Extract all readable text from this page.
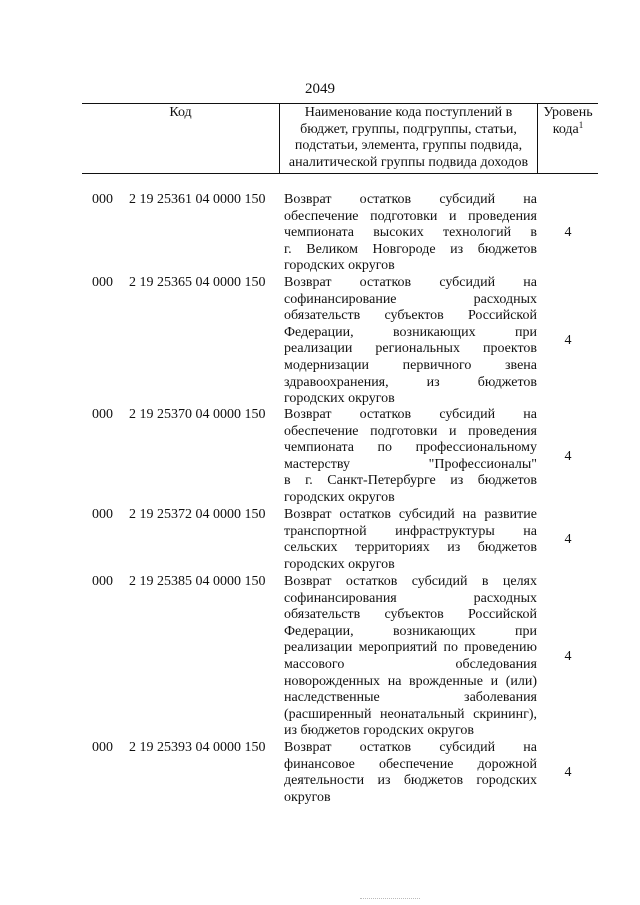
2049
Код	Наименование кода поступлений в
бюджет, группы, подгруппы, статьи,
подстатьи, элемента, группы подвида,
аналитической группы подвида доходов
Уровень
кода$^1$
000 2 19 25361 04 0000 150 Возврат остатков субсидий на
обеспечение подготовки и проведения
чемпионата высоких технологий в
г. Великом Новгороде из бюджетов
городских округов
4
000 2 19 25365 04 0000 150 Возврат остатков субсидий на
софинансирование расходных
обязательств субъектов Российской
Федерации, возникающих при
реализации региональных проектов
модернизации первичного звена
здравоохранения, из бюджетов
городских округов
4
000 2 19 25370 04 0000 150 Возврат остатков субсидий на
обеспечение подготовки и проведения
чемпионата по профессиональному
мастерству "Профессионалы"
в г. Санкт-Петербурге из бюджетов
городских округов
4
000 2 19 25372 04 0000 150 Возврат остатков субсидий на развитие
транспортной инфраструктуры на
сельских территориях из бюджетов
городских округов
4
000 2 19 25385 04 0000 150 Возврат остатков субсидий в целях
софинансирования расходных
обязательств субъектов Российской
Федерации, возникающих при
реализации мероприятий по проведению
массового обследования
новорожденных на врожденные и (или)
наследственные заболевания
(расширенный неонатальный скрининг),
из бюджетов городских округов
4
000 2 19 25393 04 0000 150 Возврат остатков субсидий на
финансовое обеспечение дорожной
деятельности из бюджетов городских
округов
4
